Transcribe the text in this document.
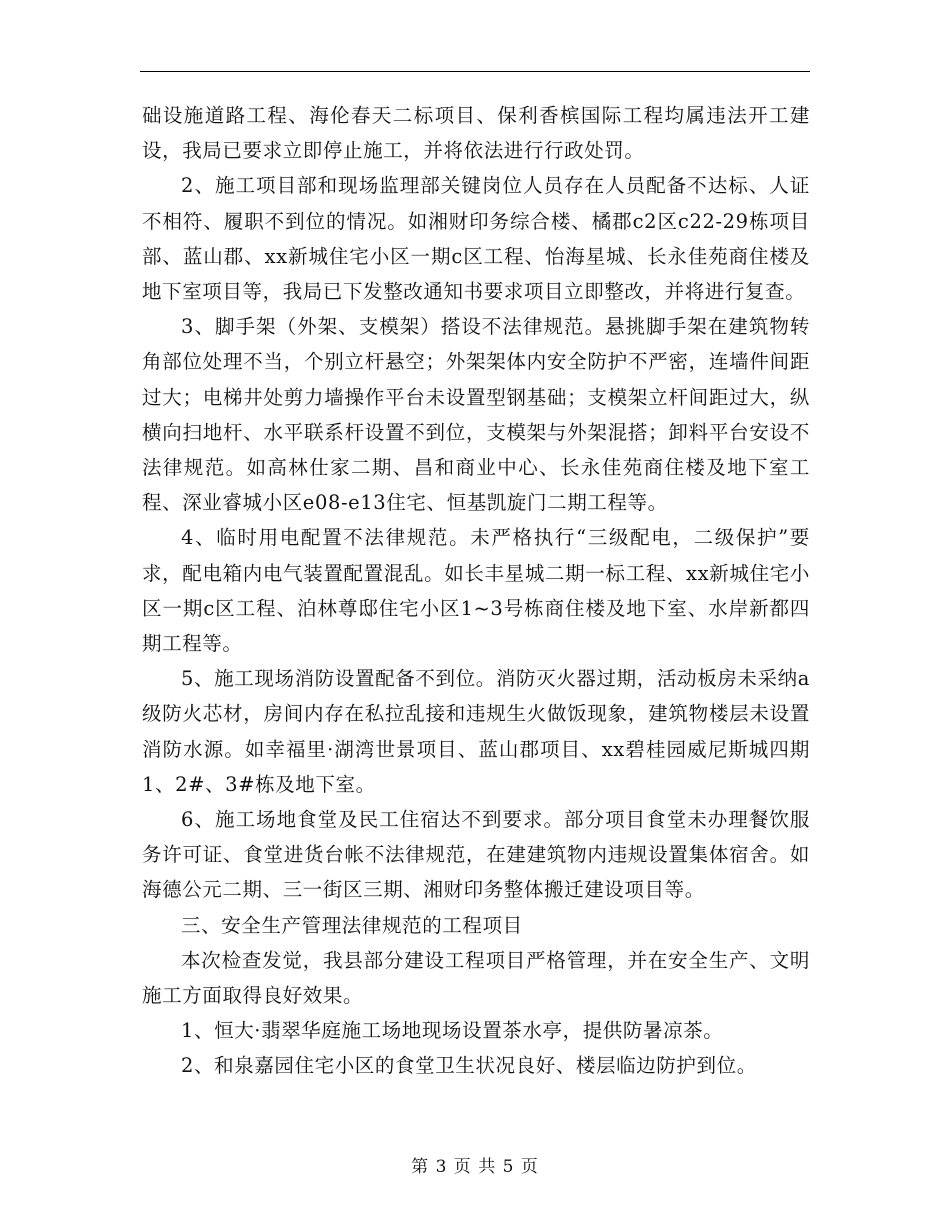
础设施道路工程、海伦春天二标项目、保利香槟国际工程均属违法开工建设，我局已要求立即停止施工，并将依法进行行政处罚。

2、施工项目部和现场监理部关键岗位人员存在人员配备不达标、人证不相符、履职不到位的情况。如湘财印务综合楼、橘郡c2区c22-29栋项目部、蓝山郡、xx新城住宅小区一期c区工程、怡海星城、长永佳苑商住楼及地下室项目等，我局已下发整改通知书要求项目立即整改，并将进行复查。

3、脚手架（外架、支模架）搭设不法律规范。悬挑脚手架在建筑物转角部位处理不当，个别立杆悬空；外架架体内安全防护不严密，连墙件间距过大；电梯井处剪力墙操作平台未设置型钢基础；支模架立杆间距过大，纵横向扫地杆、水平联系杆设置不到位，支模架与外架混搭；卸料平台安设不法律规范。如高林仕家二期、昌和商业中心、长永佳苑商住楼及地下室工程、深业睿城小区e08-e13住宅、恒基凯旋门二期工程等。

4、临时用电配置不法律规范。未严格执行“三级配电，二级保护”要求，配电箱内电气装置配置混乱。如长丰星城二期一标工程、xx新城住宅小区一期c区工程、泊林尊邸住宅小区1~3号栋商住楼及地下室、水岸新都四期工程等。

5、施工现场消防设置配备不到位。消防灭火器过期，活动板房未采纳a级防火芯材，房间内存在私拉乱接和违规生火做饭现象，建筑物楼层未设置消防水源。如幸福里·湖湾世景项目、蓝山郡项目、xx碧桂园威尼斯城四期1、2#、3#栋及地下室。

6、施工场地食堂及民工住宿达不到要求。部分项目食堂未办理餐饮服务许可证、食堂进货台帐不法律规范，在建建筑物内违规设置集体宿舍。如海德公元二期、三一街区三期、湘财印务整体搬迁建设项目等。

三、安全生产管理法律规范的工程项目

本次检查发觉，我县部分建设工程项目严格管理，并在安全生产、文明施工方面取得良好效果。

1、恒大·翡翠华庭施工场地现场设置茶水亭，提供防暑凉茶。

2、和泉嘉园住宅小区的食堂卫生状况良好、楼层临边防护到位。

第 3 页 共 5 页
